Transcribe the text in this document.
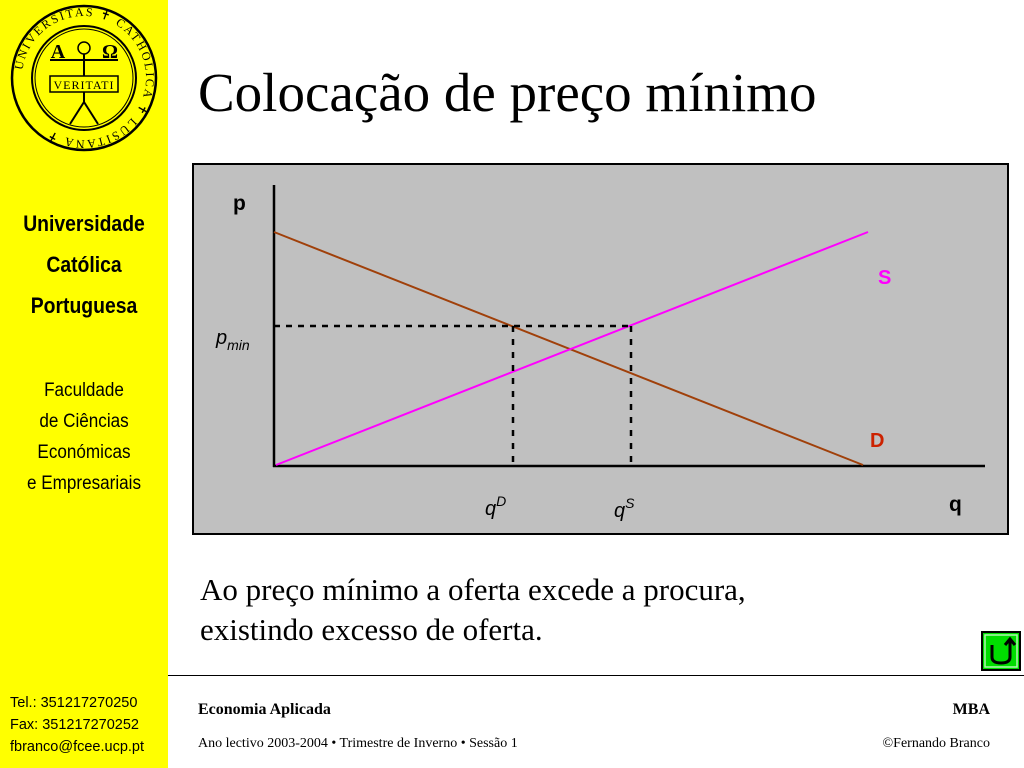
UNIVERSITAS ✝ CATHOLICA ✝ LUSITANA ✝
A Ω
VERITATI
Universidade
Católica
Portuguesa
Faculdade
de Ciências
Económicas
e Empresariais
Tel.: 351217270250
Fax: 351217270252
fbranco@fcee.ucp.pt
Colocação de preço mínimo
p
q
S
D
$p_{min}$
$q^D$	$q^S$
Ao preço mínimo a oferta excede a procura,
existindo excesso de oferta.
Economia Aplicada	MBA
Ano lectivo 2003-2004 • Trimestre de Inverno • Sessão 1	©Fernando Branco
